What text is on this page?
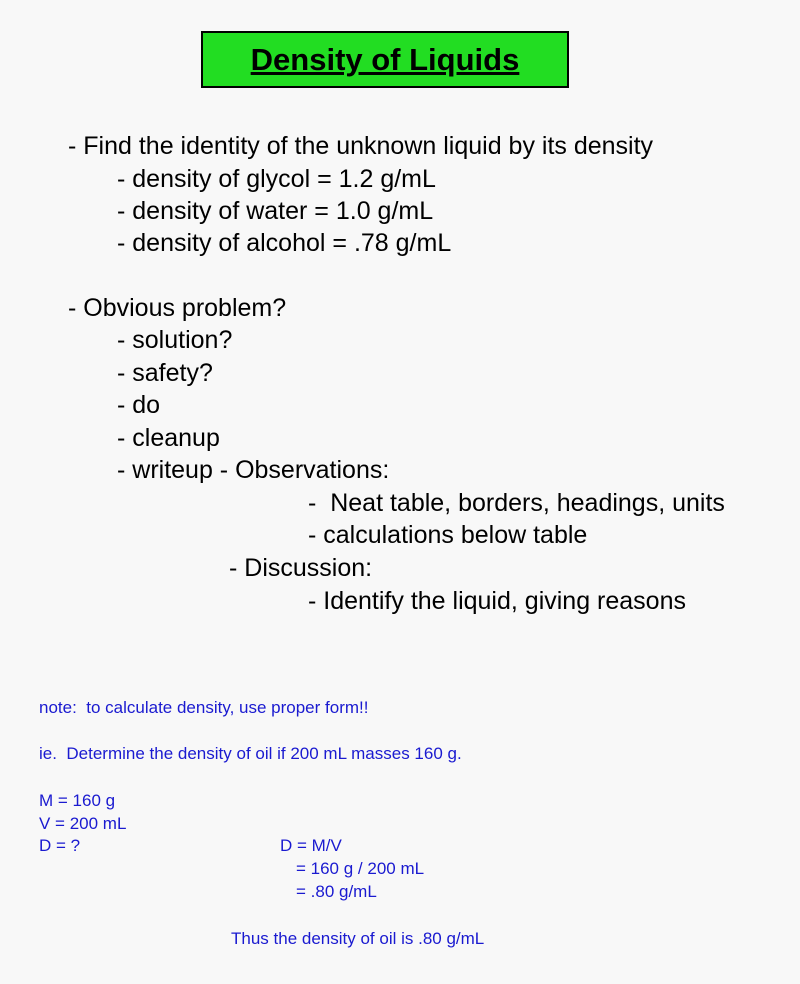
Density of Liquids
- Find the identity of the unknown liquid by its density
- density of glycol = 1.2 g/mL
- density of water = 1.0 g/mL
- density of alcohol = .78 g/mL
- Obvious problem?
- solution?
- safety?
- do
- cleanup
- writeup - Observations:
-  Neat table, borders, headings, units
- calculations below table
- Discussion:
- Identify the liquid, giving reasons
note:  to calculate density, use proper form!!
ie.  Determine the density of oil if 200 mL masses 160 g.
M = 160 g
V = 200 mL
D = ?	D = M/V
= 160 g / 200 mL
= .80 g/mL
Thus the density of oil is .80 g/mL
